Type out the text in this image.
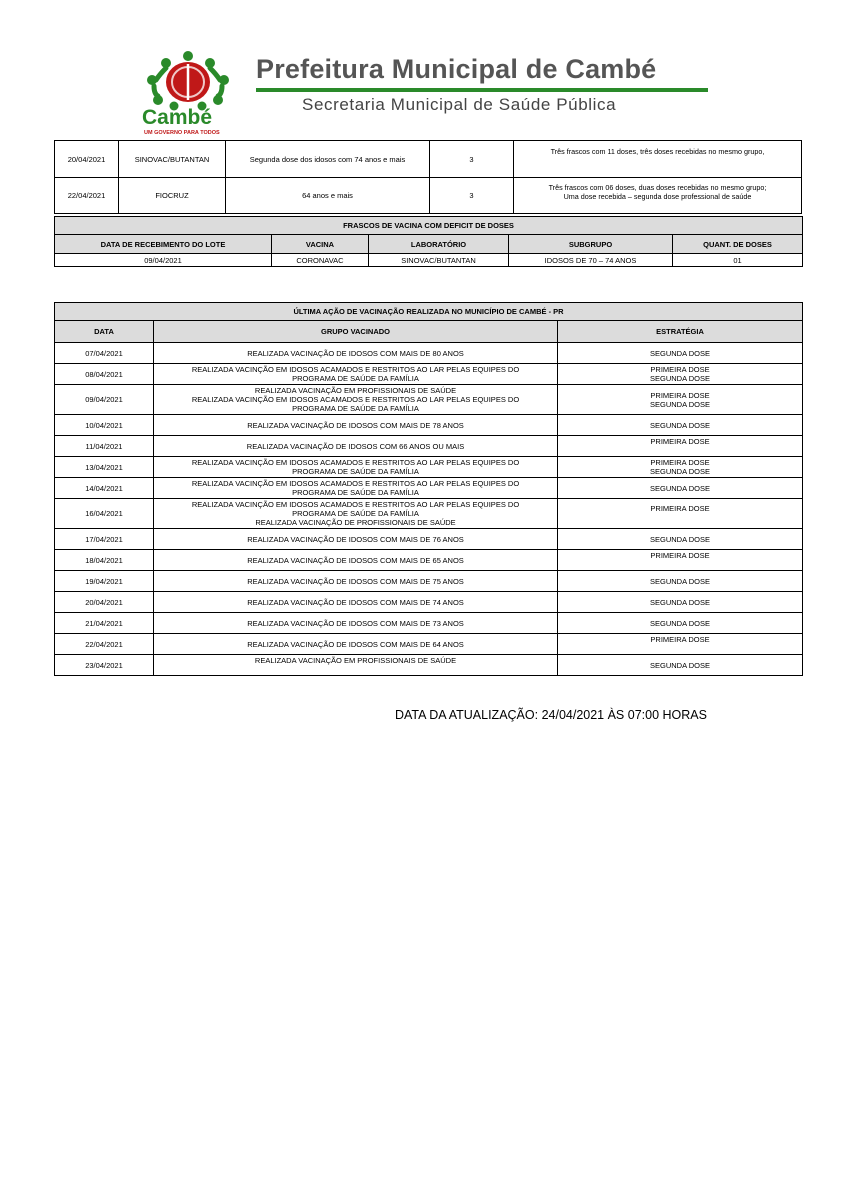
Cambé
UM GOVERNO PARA TODOS
Prefeitura Municipal de Cambé
Secretaria Municipal de Saúde Pública
20/04/2021	SINOVAC/BUTANTAN	Segunda dose dos idosos com 74 anos e mais	3	Três frascos com 11 doses, três doses recebidas no mesmo grupo,
22/04/2021	FIOCRUZ	64 anos e mais	3	Três frascos com 06 doses, duas doses recebidas no mesmo grupo;
Uma dose recebida – segunda dose professional de saúde
FRASCOS DE VACINA COM DEFICIT DE DOSES				
DATA DE RECEBIMENTO DO LOTE	VACINA	LABORATÓRIO	SUBGRUPO	QUANT. DE DOSES
09/04/2021	CORONAVAC	SINOVAC/BUTANTAN	IDOSOS DE 70 – 74 ANOS	01
ÚLTIMA AÇÃO DE VACINAÇÃO REALIZADA NO MUNICÍPIO DE CAMBÉ - PR		
DATA	GRUPO VACINADO	ESTRATÉGIA
07/04/2021	REALIZADA VACINAÇÃO DE IDOSOS COM MAIS DE 80 ANOS	SEGUNDA DOSE
08/04/2021	REALIZADA VACINÇÃO EM IDOSOS ACAMADOS E RESTRITOS AO LAR PELAS EQUIPES DO
PROGRAMA DE SAÚDE DA FAMÍLIA	PRIMEIRA DOSE
SEGUNDA DOSE
09/04/2021	REALIZADA VACINAÇÃO EM PROFISSIONAIS DE SAÚDE
REALIZADA VACINÇÃO EM IDOSOS ACAMADOS E RESTRITOS AO LAR PELAS EQUIPES DO
PROGRAMA DE SAÚDE DA FAMÍLIA	PRIMEIRA DOSE
SEGUNDA DOSE
10/04/2021	REALIZADA VACINAÇÃO DE IDOSOS COM MAIS DE 78 ANOS	SEGUNDA DOSE
11/04/2021	REALIZADA VACINAÇÃO DE IDOSOS COM 66 ANOS OU MAIS	PRIMEIRA DOSE
13/04/2021	REALIZADA VACINÇÃO EM IDOSOS ACAMADOS E RESTRITOS AO LAR PELAS EQUIPES DO
PROGRAMA DE SAÚDE DA FAMÍLIA	PRIMEIRA DOSE
SEGUNDA DOSE
14/04/2021	REALIZADA VACINÇÃO EM IDOSOS ACAMADOS E RESTRITOS AO LAR PELAS EQUIPES DO
PROGRAMA DE SAÚDE DA FAMÍLIA	SEGUNDA DOSE
16/04/2021	REALIZADA VACINÇÃO EM IDOSOS ACAMADOS E RESTRITOS AO LAR PELAS EQUIPES DO
PROGRAMA DE SAÚDE DA FAMÍLIA
REALIZADA VACINAÇÃO DE PROFISSIONAIS DE SAÚDE	PRIMEIRA DOSE
17/04/2021	REALIZADA VACINAÇÃO DE IDOSOS COM MAIS DE 76 ANOS	SEGUNDA DOSE
18/04/2021	REALIZADA VACINAÇÃO DE IDOSOS COM MAIS DE 65 ANOS	PRIMEIRA DOSE
19/04/2021	REALIZADA VACINAÇÃO DE IDOSOS COM MAIS DE 75 ANOS	SEGUNDA DOSE
20/04/2021	REALIZADA VACINAÇÃO DE IDOSOS COM MAIS DE 74 ANOS	SEGUNDA DOSE
21/04/2021	REALIZADA VACINAÇÃO DE IDOSOS COM MAIS DE 73 ANOS	SEGUNDA DOSE
22/04/2021	REALIZADA VACINAÇÃO DE IDOSOS COM MAIS DE 64 ANOS	PRIMEIRA DOSE
23/04/2021	REALIZADA VACINAÇÃO EM PROFISSIONAIS DE SAÚDE	SEGUNDA DOSE
DATA DA ATUALIZAÇÃO: 24/04/2021 ÀS 07:00 HORAS
